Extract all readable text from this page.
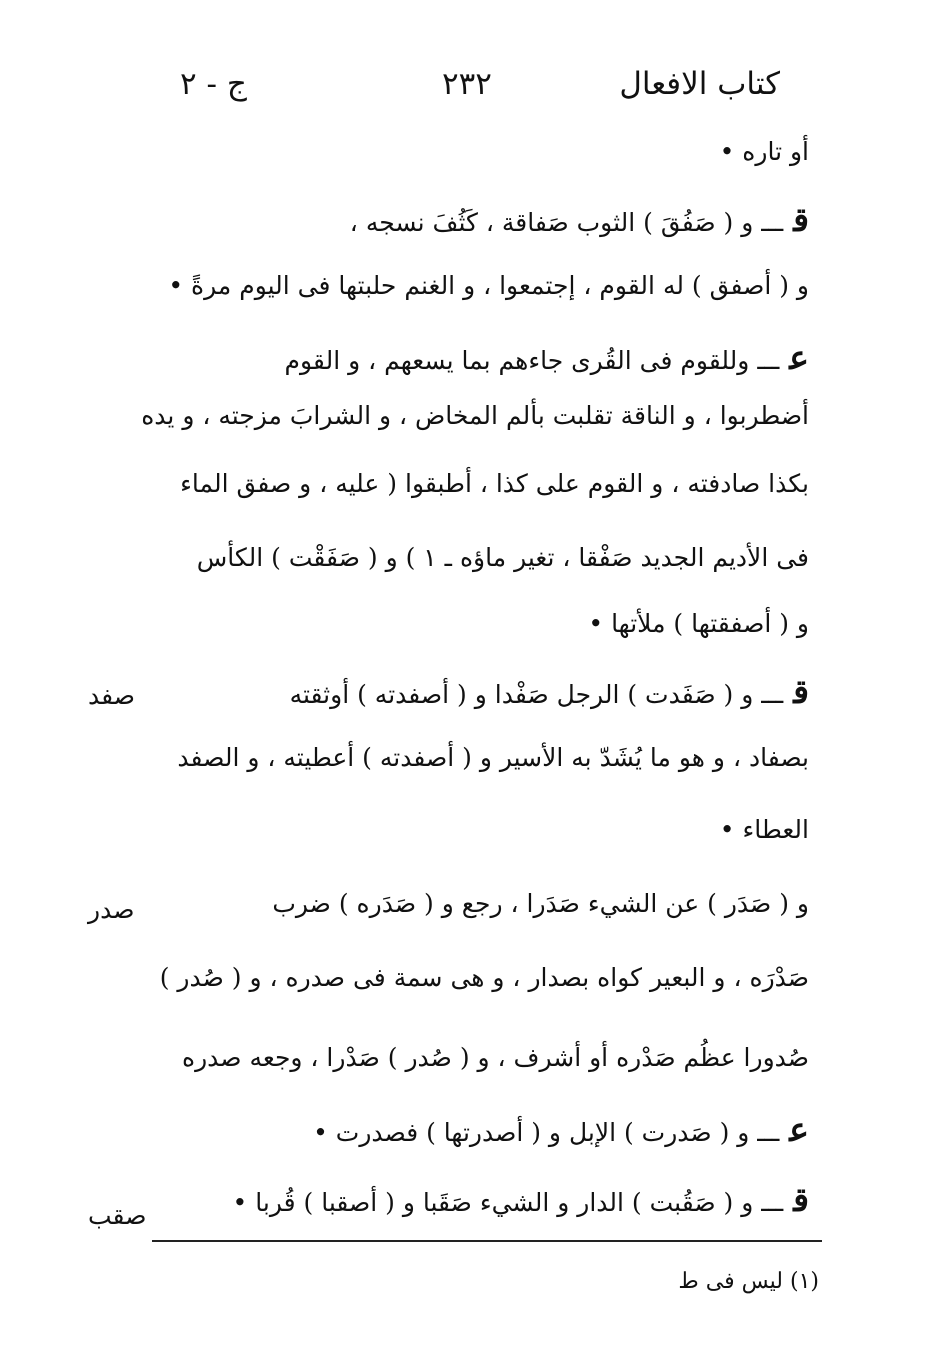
كتاب الافعال
٢٣٢
ج - ٢
أو تاره •
قـــ و ( صَفُقَ ) الثوب صَفاقة ، كَثُفَ نسجه ،
و ( أصفق ) له القوم ، إجتمعوا ، و الغنم حلبتها فى اليوم مرةً •
عـــ وللقوم فى القُرى جاءهم بما يسعهم ، و القوم
أضطربوا ، و الناقة تقلبت بألم المخاض ، و الشرابَ مزجته ، و يده
بكذا صادفته ، و القوم على كذا ، أطبقوا ( عليه ، و صفق الماء
فى الأديم الجديد صَفْقا ، تغير ماؤه ـ ١ ) و ( صَفَقْت ) الكأس
و ( أصفقتها ) ملأتها •
صفد	قـــ و ( صَفَدت ) الرجل صَفْدا و ( أصفدته ) أوثقته
بصفاد ، و هو ما يُشَدّ به الأسير و ( أصفدته ) أعطيته ، و الصفد
العطاء •
صدر	و ( صَدَر ) عن الشيء صَدَرا ، رجع و ( صَدَره ) ضرب
صَدْرَه ، و البعير كواه بصدار ، و هى سمة فى صدره ، و ( صُدر )
صُدورا عظُم صَدْره أو أشرف ، و ( صُدر ) صَدْرا ، وجعه صدره
عـــ و ( صَدرت ) الإبل و ( أصدرتها ) فصدرت •
قـــ و ( صَقُبت ) الدار و الشيء صَقَبا و ( أصقبا ) قُربا •
صقب
(١) ليس فى ط
